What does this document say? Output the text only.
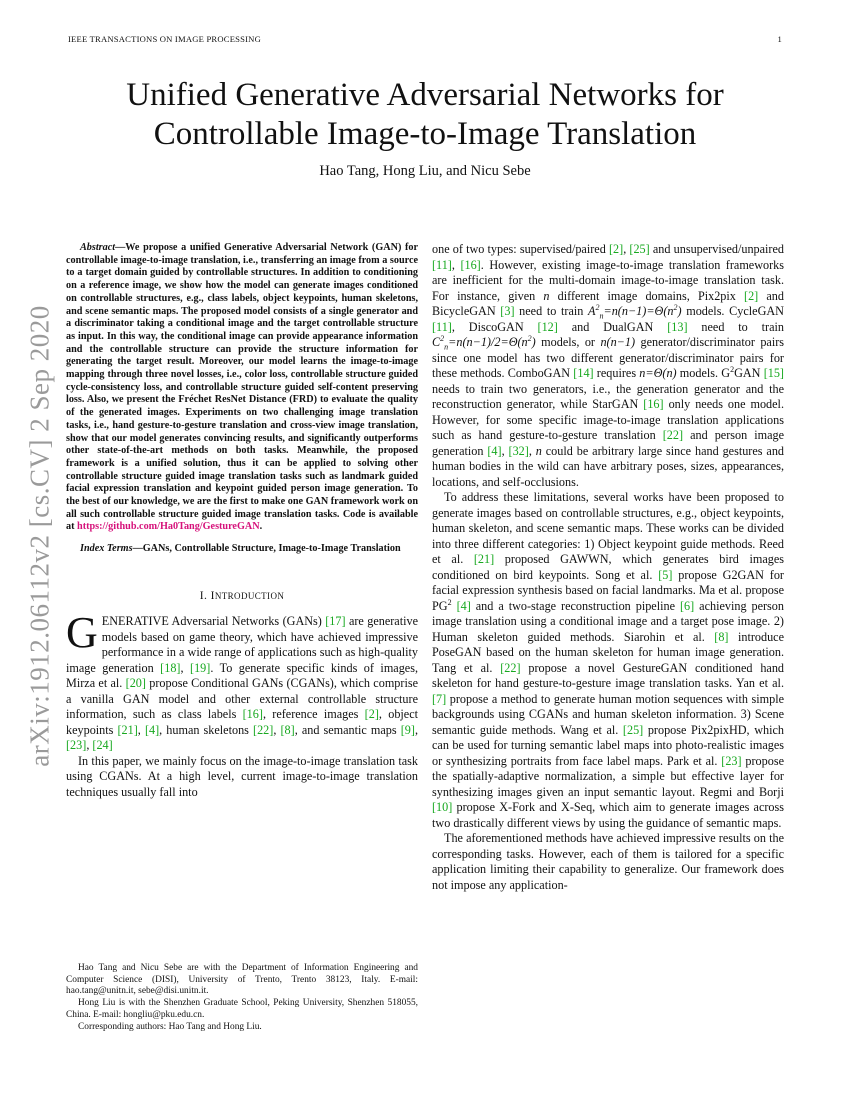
IEEE TRANSACTIONS ON IMAGE PROCESSING	1
arXiv:1912.06112v2 [cs.CV] 2 Sep 2020
Unified Generative Adversarial Networks for
Controllable Image-to-Image Translation
Hao Tang, Hong Liu, and Nicu Sebe

Abstract—We propose a unified Generative Adversarial Network (GAN) for controllable image-to-image translation, i.e., transferring an image from a source to a target domain guided by controllable structures. In addition to conditioning on a reference image, we show how the model can generate images conditioned on controllable structures, e.g., class labels, object keypoints, human skeletons, and scene semantic maps. The proposed model consists of a single generator and a discriminator taking a conditional image and the target controllable structure as input. In this way, the conditional image can provide appearance information and the controllable structure can provide the structure information for generating the target result. Moreover, our model learns the image-to-image mapping through three novel losses, i.e., color loss, controllable structure guided cycle-consistency loss, and controllable structure guided self-content preserving loss. Also, we present the Fréchet ResNet Distance (FRD) to evaluate the quality of the generated images. Experiments on two challenging image translation tasks, i.e., hand gesture-to-gesture translation and cross-view image translation, show that our model generates convincing results, and significantly outperforms other state-of-the-art methods on both tasks. Meanwhile, the proposed framework is a unified solution, thus it can be applied to solving other controllable structure guided image translation tasks such as landmark guided facial expression translation and keypoint guided person image generation. To the best of our knowledge, we are the first to make one GAN framework work on all such controllable structure guided image translation tasks. Code is available at https://github.com/Ha0Tang/GestureGAN.

Index Terms—GANs, Controllable Structure, Image-to-Image Translation

I. INTRODUCTION

GENERATIVE Adversarial Networks (GANs) [17] are generative models based on game theory, which have achieved impressive performance in a wide range of applications such as high-quality image generation [18], [19]. To generate specific kinds of images, Mirza et al. [20] propose Conditional GANs (CGANs), which comprise a vanilla GAN model and other external controllable structure information, such as class labels [16], reference images [2], object keypoints [21], [4], human skeletons [22], [8], and semantic maps [9], [23], [24]

In this paper, we mainly focus on the image-to-image translation task using CGANs. At a high level, current image-to-image translation techniques usually fall into

Hao Tang and Nicu Sebe are with the Department of Information Engineering and Computer Science (DISI), University of Trento, Trento 38123, Italy. E-mail: hao.tang@unitn.it, sebe@disi.unitn.it.

Hong Liu is with the Shenzhen Graduate School, Peking University, Shenzhen 518055, China. E-mail: hongliu@pku.edu.cn.

Corresponding authors: Hao Tang and Hong Liu.

one of two types: supervised/paired [2], [25] and unsupervised/unpaired [11], [16]. However, existing image-to-image translation frameworks are inefficient for the multi-domain image-to-image translation task. For instance, given n different image domains, Pix2pix [2] and BicycleGAN [3] need to train $A^2_n=n(n-1)=\Theta(n^2)$ models. CycleGAN [11], DiscoGAN [12] and DualGAN [13] need to train $C^2_n=n(n-1)/2=\Theta(n^2)$ models, or n(n−1) generator/discriminator pairs since one model has two different generator/discriminator pairs for these methods. ComboGAN [14] requires n=Θ(n) models. $G^2GAN$ [15] needs to train two generators, i.e., the generation generator and the reconstruction generator, while StarGAN [16] only needs one model. However, for some specific image-to-image translation applications such as hand gesture-to-gesture translation [22] and person image generation [4], [32], n could be arbitrary large since hand gestures and human bodies in the wild can have arbitrary poses, sizes, appearances, locations, and self-occlusions.

To address these limitations, several works have been proposed to generate images based on controllable structures, e.g., object keypoints, human skeleton, and scene semantic maps. These works can be divided into three different categories: 1) Object keypoint guide methods. Reed et al. [21] proposed GAWWN, which generates bird images conditioned on bird keypoints. Song et al. [5] propose G2GAN for facial expression synthesis based on facial landmarks. Ma et al. propose $PG^2$ [4] and a two-stage reconstruction pipeline [6] achieving person image translation using a conditional image and a target pose image. 2) Human skeleton guided methods. Siarohin et al. [8] introduce PoseGAN based on the human skeleton for human image generation. Tang et al. [22] propose a novel GestureGAN conditioned hand skeleton for hand gesture-to-gesture image translation tasks. Yan et al. [7] propose a method to generate human motion sequences with simple backgrounds using CGANs and human skeleton information. 3) Scene semantic guide methods. Wang et al. [25] propose Pix2pixHD, which can be used for turning semantic label maps into photo-realistic images or synthesizing portraits from face label maps. Park et al. [23] propose the spatially-adaptive normalization, a simple but effective layer for synthesizing images given an input semantic layout. Regmi and Borji [10] propose X-Fork and X-Seq, which aim to generate images across two drastically different views by using the guidance of semantic maps.

The aforementioned methods have achieved impressive results on the corresponding tasks. However, each of them is tailored for a specific application limiting their capability to generalize. Our framework does not impose any application-
